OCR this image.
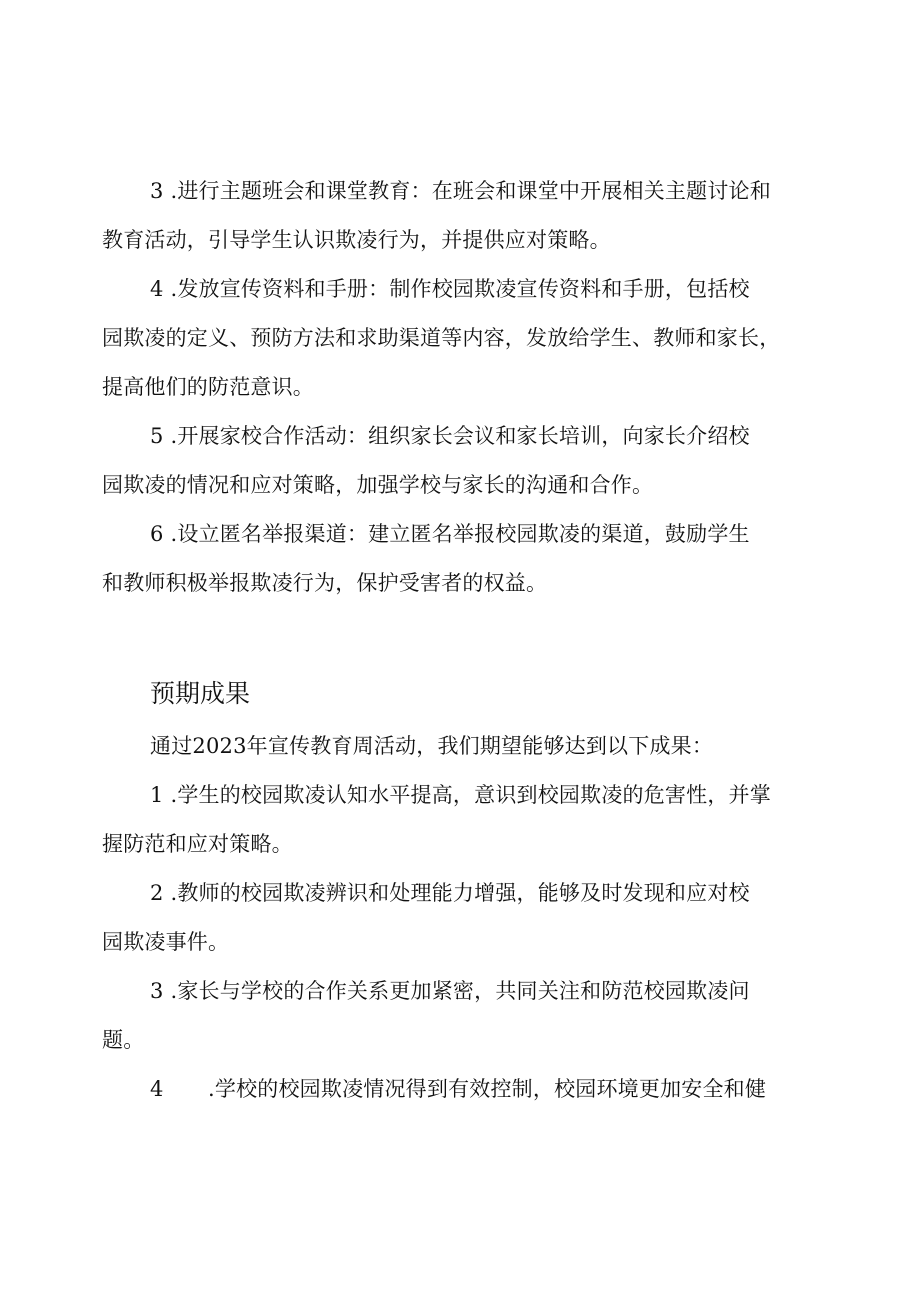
3 .进行主题班会和课堂教育：在班会和课堂中开展相关主题讨论和
教育活动，引导学生认识欺凌行为，并提供应对策略。
4 .发放宣传资料和手册：制作校园欺凌宣传资料和手册，包括校
园欺凌的定义、预防方法和求助渠道等内容，发放给学生、教师和家长，
提高他们的防范意识。
5 .开展家校合作活动：组织家长会议和家长培训，向家长介绍校
园欺凌的情况和应对策略，加强学校与家长的沟通和合作。
6 .设立匿名举报渠道：建立匿名举报校园欺凌的渠道，鼓励学生
和教师积极举报欺凌行为，保护受害者的权益。
预期成果
通过2023年宣传教育周活动，我们期望能够达到以下成果：
1 .学生的校园欺凌认知水平提高，意识到校园欺凌的危害性，并掌
握防范和应对策略。
2 .教师的校园欺凌辨识和处理能力增强，能够及时发现和应对校
园欺凌事件。
3 .家长与学校的合作关系更加紧密，共同关注和防范校园欺凌问
题。
4 .学校的校园欺凌情况得到有效控制，校园环境更加安全和健
